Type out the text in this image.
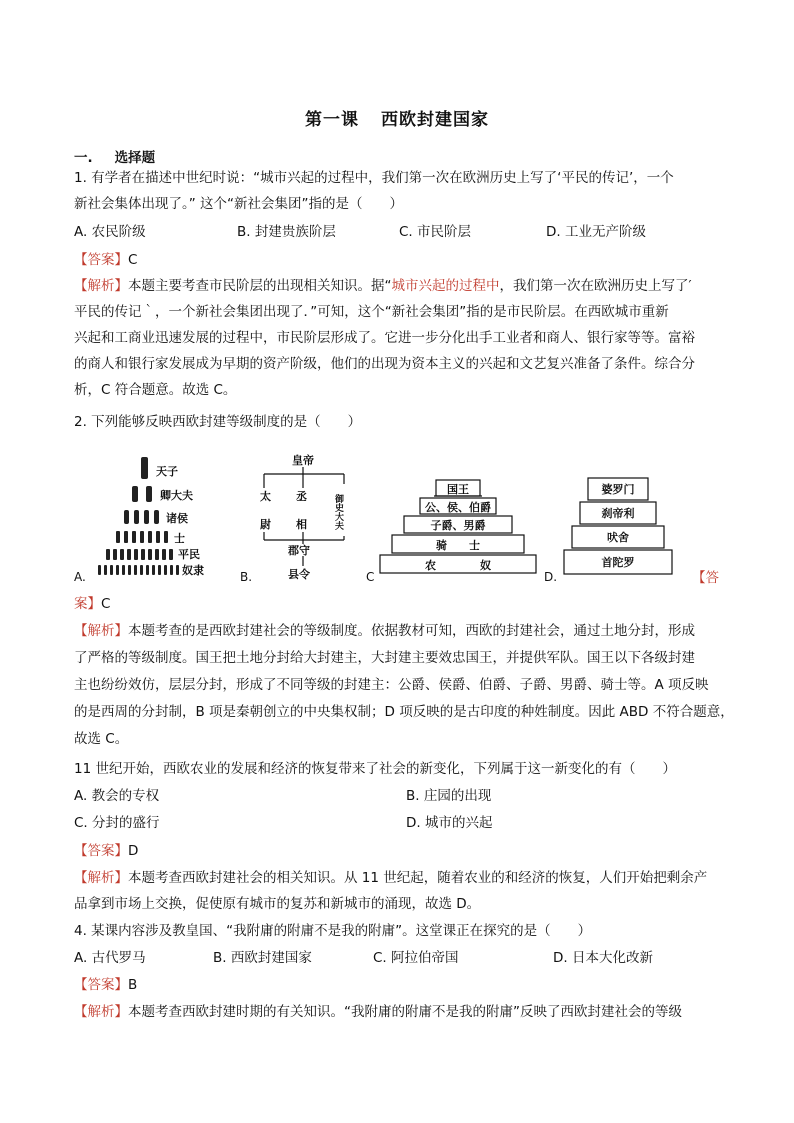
第一课 西欧封建国家
一. 选择题
1. 有学者在描述中世纪时说：“城市兴起的过程中，我们第一次在欧洲历史上写了‘平民的传记’，一个
新社会集体出现了。” 这个“新社会集团”指的是（　　）
A. 农民阶级	B. 封建贵族阶层	C. 市民阶层	D. 工业无产阶级
【答案】C
【解析】本题主要考查市民阶层的出现相关知识。据“城市兴起的过程中，我们第一次在欧洲历史上写了′
平民的传记｀，一个新社会集团出现了．”可知，这个“新社会集团”指的是市民阶层。在西欧城市重新
兴起和工商业迅速发展的过程中，市民阶层形成了。它进一步分化出手工业者和商人、银行家等等。富裕
的商人和银行家发展成为早期的资产阶级，他们的出现为资本主义的兴起和文艺复兴准备了条件。综合分
析，C 符合题意。故选 C。
2. 下列能够反映西欧封建等级制度的是（　　）
天子
卿大夫
诸侯
士
平民
奴隶
A.
皇帝
太 丞
尉 相
郡守
县令
御史大夫
B.
国王
公、侯、伯爵
子爵、男爵
骑　　士
农　　　　奴
C
婆罗门
刹帝利
吠舍
首陀罗
D.	【答
案】C
【解析】本题考查的是西欧封建社会的等级制度。依据教材可知，西欧的封建社会，通过土地分封，形成
了严格的等级制度。国王把土地分封给大封建主，大封建主要效忠国王，并提供军队。国王以下各级封建
主也纷纷效仿，层层分封，形成了不同等级的封建主：公爵、侯爵、伯爵、子爵、男爵、骑士等。A 项反映
的是西周的分封制，B 项是秦朝创立的中央集权制；D 项反映的是古印度的种姓制度。因此 ABD 不符合题意，
故选 C。
11 世纪开始，西欧农业的发展和经济的恢复带来了社会的新变化，下列属于这一新变化的有（　　）
A. 教会的专权	B. 庄园的出现
C. 分封的盛行	D. 城市的兴起
【答案】D
【解析】本题考查西欧封建社会的相关知识。从 11 世纪起，随着农业的和经济的恢复，人们开始把剩余产
品拿到市场上交换，促使原有城市的复苏和新城市的涌现，故选 D。
4. 某课内容涉及教皇国、“我附庸的附庸不是我的附庸”。这堂课正在探究的是（　　）
A. 古代罗马	B. 西欧封建国家	C. 阿拉伯帝国	D. 日本大化改新
【答案】B
【解析】本题考查西欧封建时期的有关知识。“我附庸的附庸不是我的附庸”反映了西欧封建社会的等级
